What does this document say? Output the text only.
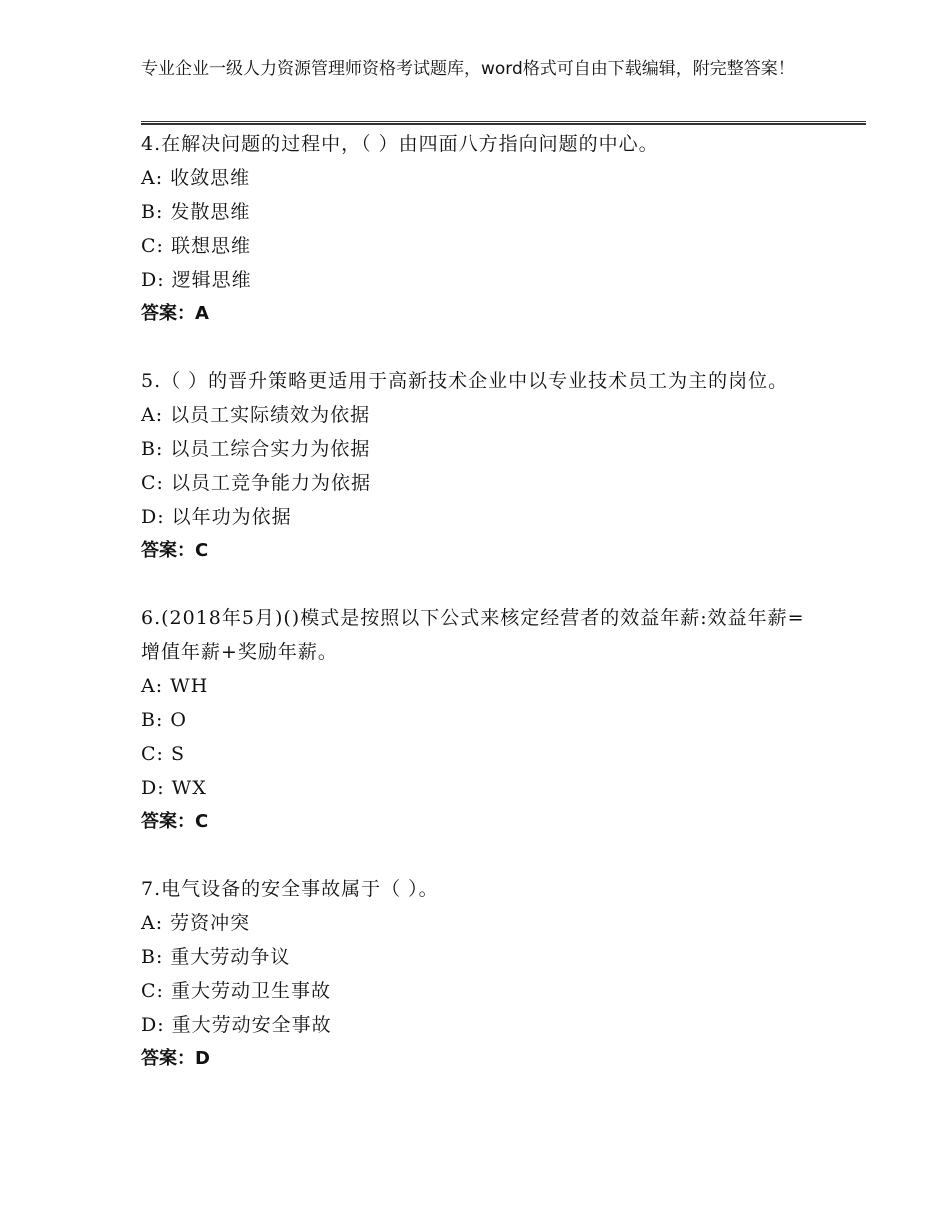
专业企业一级人力资源管理师资格考试题库，word格式可自由下载编辑，附完整答案！
4.在解决问题的过程中，（ ）由四面八方指向问题的中心。
A: 收敛思维
B: 发散思维
C: 联想思维
D: 逻辑思维
答案：A
5.（ ）的晋升策略更适用于高新技术企业中以专业技术员工为主的岗位。
A: 以员工实际绩效为依据
B: 以员工综合实力为依据
C: 以员工竞争能力为依据
D: 以年功为依据
答案：C
6.(2018年5月)()模式是按照以下公式来核定经营者的效益年薪:效益年薪=增值年薪+奖励年薪。
A: WH
B: O
C: S
D: WX
答案：C
7.电气设备的安全事故属于（ ）。
A: 劳资冲突
B: 重大劳动争议
C: 重大劳动卫生事故
D: 重大劳动安全事故
答案：D
